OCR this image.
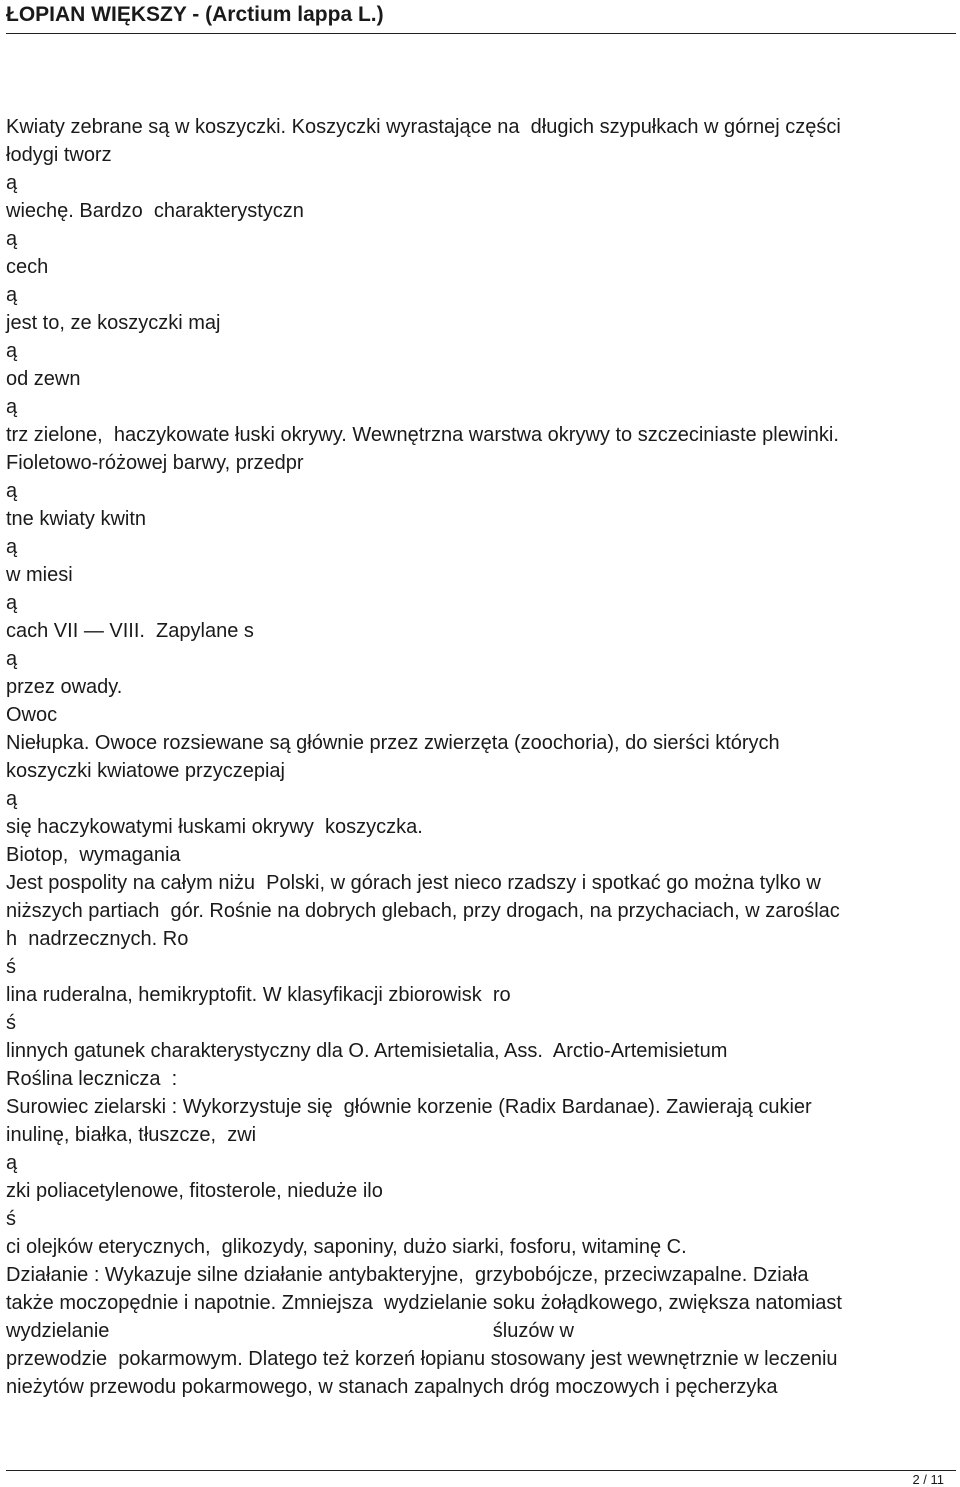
ŁOPIAN WIĘKSZY - (Arctium lappa L.)
Kwiaty zebrane są w koszyczki. Koszyczki wyrastające na  długich szypułkach w górnej części
łodygi tworz
ą
wiechę. Bardzo  charakterystyczn
ą
cech
ą
jest to, ze koszyczki maj
ą
od zewn
ą
trz zielone,  haczykowate łuski okrywy. Wewnętrzna warstwa okrywy to szczeciniaste plewinki.
Fioletowo-różowej barwy, przedpr
ą
tne kwiaty kwitn
ą
w miesi
ą
cach VII — VIII.  Zapylane s
ą
przez owady.
Owoc
Niełupka. Owoce rozsiewane są głównie przez zwierzęta (zoochoria), do sierści których
koszyczki kwiatowe przyczepiaj
ą
się haczykowatymi łuskami okrywy  koszyczka.
Biotop,  wymagania
Jest pospolity na całym niżu  Polski, w górach jest nieco rzadszy i spotkać go można tylko w
niższych partiach  gór. Rośnie na dobrych glebach, przy drogach, na przychaciach, w zaroślac
h  nadrzecznych. Ro
ś
lina ruderalna, hemikryptofit. W klasyfikacji zbiorowisk  ro
ś
linnych gatunek charakterystyczny dla O. Artemisietalia, Ass.  Arctio-Artemisietum
Roślina lecznicza  :
Surowiec zielarski : Wykorzystuje się  głównie korzenie (Radix Bardanae). Zawierają cukier
inulinę, białka, tłuszcze,  zwi
ą
zki poliacetylenowe, fitosterole, nieduże ilo
ś
ci olejków eterycznych,  glikozydy, saponiny, dużo siarki, fosforu, witaminę C.
Działanie : Wykazuje silne działanie antybakteryjne,  grzybobójcze, przeciwzapalne. Działa
także moczopędnie i napotnie. Zmniejsza  wydzielanie soku żołądkowego, zwiększa natomiast
wydzielanie                                                                     śluzów w
przewodzie  pokarmowym. Dlatego też korzeń łopianu stosowany jest wewnętrznie w leczeniu
nieżytów przewodu pokarmowego, w stanach zapalnych dróg moczowych i pęcherzyka
2 / 11
